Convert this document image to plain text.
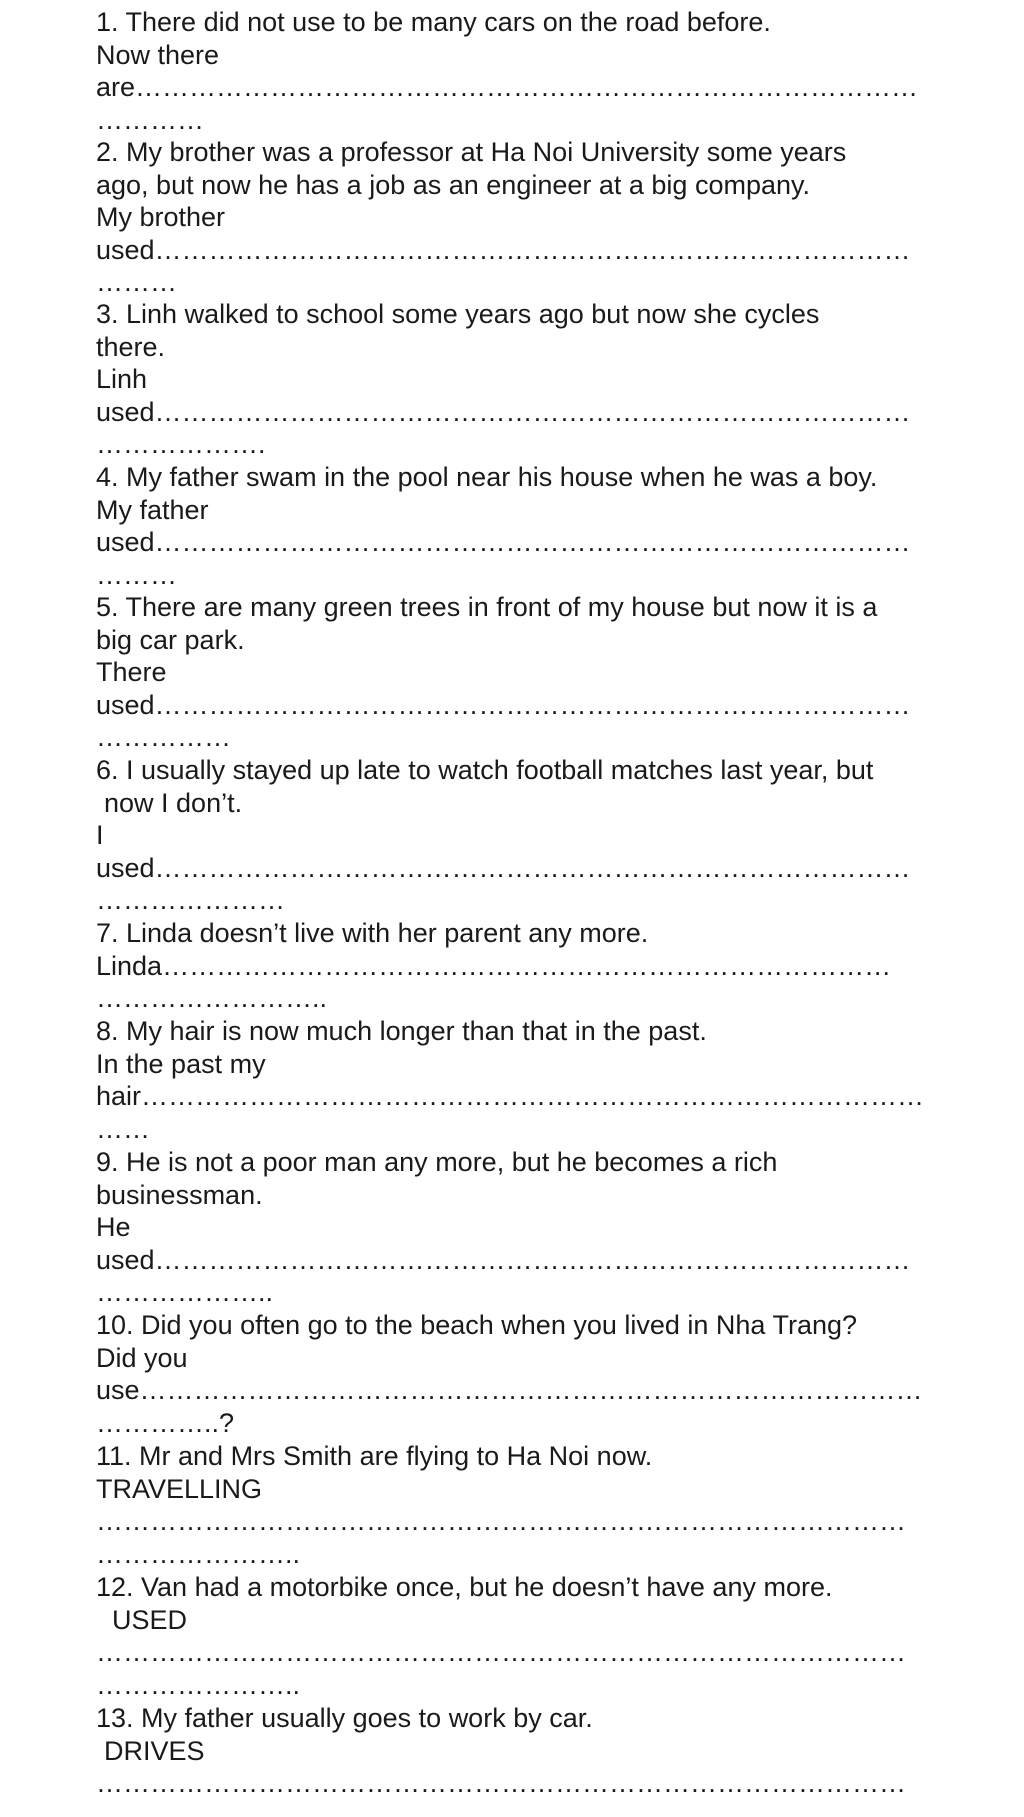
1. There did not use to be many cars on the road before.
Now there
are……………………………………………………………………………
…………
2. My brother was a professor at Ha Noi University some years
ago, but now he has a job as an engineer at a big company.
My brother
used…………………………………………………………………………
………
3. Linh walked to school some years ago but now she cycles
there.
Linh
used…………………………………………………………………………
……………….
4. My father swam in the pool near his house when he was a boy.
My father
used…………………………………………………………………………
………
5. There are many green trees in front of my house but now it is a
big car park.
There
used…………………………………………………………………………
……………
6. I usually stayed up late to watch football matches last year, but
now I don’t.
I
used…………………………………………………………………………
…………………
7. Linda doesn’t live with her parent any more.
Linda………………………………………………………………………
……………………..
8. My hair is now much longer than that in the past.
In the past my
hair……………………………………………………………………………
……
9. He is not a poor man any more, but he becomes a rich
businessman.
He
used…………………………………………………………………………
………………..
10. Did you often go to the beach when you lived in Nha Trang?
Did you
use……………………………………………………………………………
…………..?
11. Mr and Mrs Smith are flying to Ha Noi now.
TRAVELLING
………………………………………………………………………………
…………………..
12. Van had a motorbike once, but he doesn’t have any more.
USED
………………………………………………………………………………
…………………..
13. My father usually goes to work by car.
DRIVES
………………………………………………………………………………
